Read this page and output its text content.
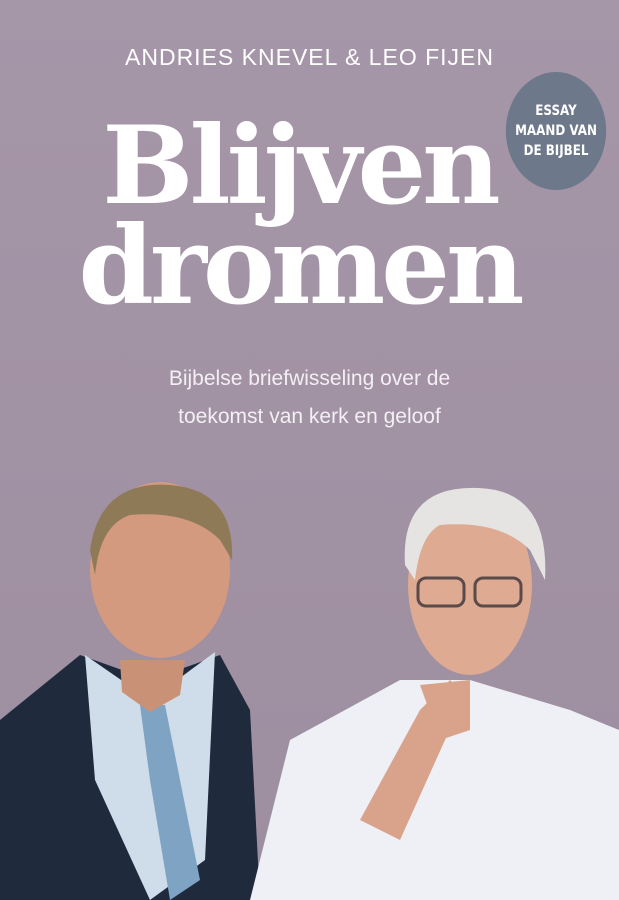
ANDRIES KNEVEL & LEO FIJEN
ESSAY
MAAND VAN
DE BIJBEL
Blijven
dromen
Bijbelse briefwisseling over de
toekomst van kerk en geloof
